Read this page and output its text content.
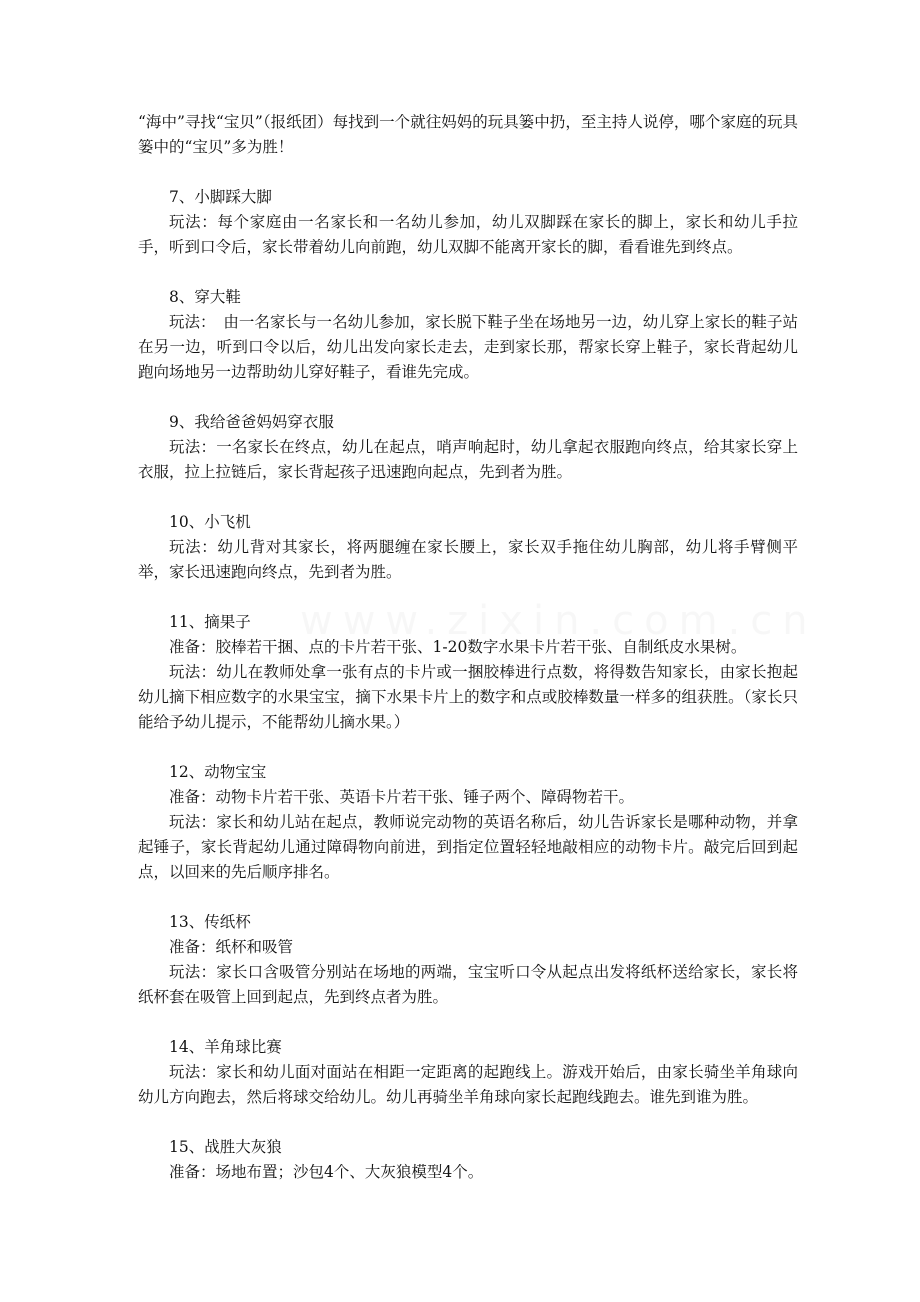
www.zixin.com.cn

“海中”寻找“宝贝”（报纸团）每找到一个就往妈妈的玩具篓中扔，至主持人说停，哪个家庭的玩具篓中的“宝贝”多为胜！

7、小脚踩大脚

玩法：每个家庭由一名家长和一名幼儿参加，幼儿双脚踩在家长的脚上，家长和幼儿手拉手，听到口令后，家长带着幼儿向前跑，幼儿双脚不能离开家长的脚，看看谁先到终点。

8、穿大鞋

玩法：　由一名家长与一名幼儿参加，家长脱下鞋子坐在场地另一边，幼儿穿上家长的鞋子站在另一边，听到口令以后，幼儿出发向家长走去，走到家长那，帮家长穿上鞋子，家长背起幼儿跑向场地另一边帮助幼儿穿好鞋子，看谁先完成。

9、我给爸爸妈妈穿衣服

玩法：一名家长在终点，幼儿在起点，哨声响起时，幼儿拿起衣服跑向终点，给其家长穿上衣服，拉上拉链后，家长背起孩子迅速跑向起点，先到者为胜。

10、小飞机

玩法：幼儿背对其家长，将两腿缠在家长腰上，家长双手拖住幼儿胸部，幼儿将手臂侧平举，家长迅速跑向终点，先到者为胜。

11、摘果子

准备：胶棒若干捆、点的卡片若干张、1-20数字水果卡片若干张、自制纸皮水果树。

玩法：幼儿在教师处拿一张有点的卡片或一捆胶棒进行点数，将得数告知家长，由家长抱起幼儿摘下相应数字的水果宝宝，摘下水果卡片上的数字和点或胶棒数量一样多的组获胜。（家长只能给予幼儿提示，不能帮幼儿摘水果。）

12、动物宝宝

准备：动物卡片若干张、英语卡片若干张、锤子两个、障碍物若干。

玩法：家长和幼儿站在起点，教师说完动物的英语名称后，幼儿告诉家长是哪种动物，并拿起锤子，家长背起幼儿通过障碍物向前进，到指定位置轻轻地敲相应的动物卡片。敲完后回到起点，以回来的先后顺序排名。

13、传纸杯

准备：纸杯和吸管

玩法：家长口含吸管分别站在场地的两端，宝宝听口令从起点出发将纸杯送给家长，家长将纸杯套在吸管上回到起点，先到终点者为胜。

14、羊角球比赛

玩法：家长和幼儿面对面站在相距一定距离的起跑线上。游戏开始后，由家长骑坐羊角球向幼儿方向跑去，然后将球交给幼儿。幼儿再骑坐羊角球向家长起跑线跑去。谁先到谁为胜。

15、战胜大灰狼

准备：场地布置；沙包4个、大灰狼模型4个。
